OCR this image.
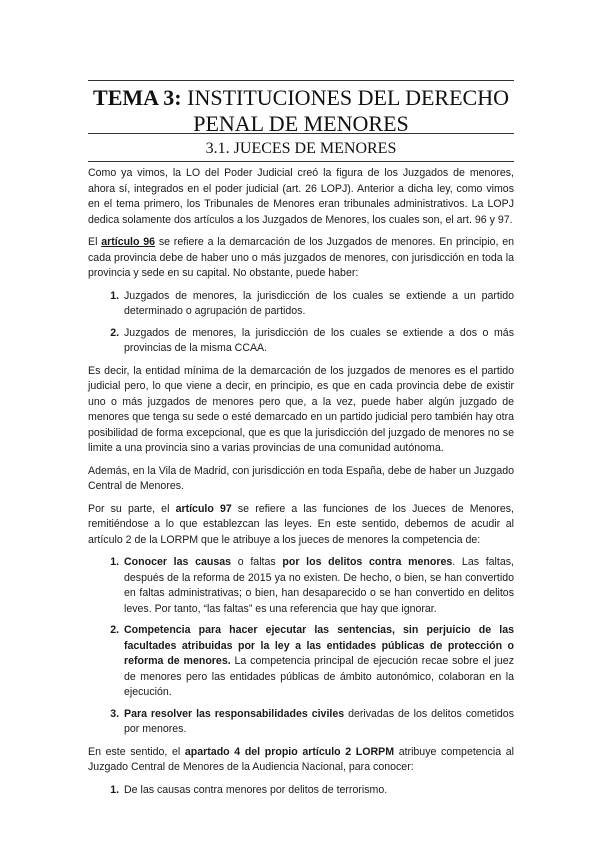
TEMA 3: INSTITUCIONES DEL DERECHO
PENAL DE MENORES
3.1. JUECES DE MENORES

Como ya vimos, la LO del Poder Judicial creó la figura de los Juzgados de menores, ahora sí, integrados en el poder judicial (art. 26 LOPJ). Anterior a dicha ley, como vimos en el tema primero, los Tribunales de Menores eran tribunales administrativos. La LOPJ dedica solamente dos artículos a los Juzgados de Menores, los cuales son, el art. 96 y 97.

El artículo 96 se refiere a la demarcación de los Juzgados de menores. En principio, en cada provincia debe de haber uno o más juzgados de menores, con jurisdicción en toda la provincia y sede en su capital. No obstante, puede haber:

1. Juzgados de menores, la jurisdicción de los cuales se extiende a un partido determinado o agrupación de partidos.
2. Juzgados de menores, la jurisdicción de los cuales se extiende a dos o más provincias de la misma CCAA.

Es decir, la entidad mínima de la demarcación de los juzgados de menores es el partido judicial pero, lo que viene a decir, en principio, es que en cada provincia debe de existir uno o más juzgados de menores pero que, a la vez, puede haber algún juzgado de menores que tenga su sede o esté demarcado en un partido judicial pero también hay otra posibilidad de forma excepcional, que es que la jurisdicción del juzgado de menores no se limite a una provincia sino a varias provincias de una comunidad autónoma.

Además, en la Vila de Madrid, con jurisdicción en toda España, debe de haber un Juzgado Central de Menores.

Por su parte, el artículo 97 se refiere a las funciones de los Jueces de Menores, remitiéndose a lo que establezcan las leyes. En este sentido, debemos de acudir al artículo 2 de la LORPM que le atribuye a los jueces de menores la competencia de:

1. Conocer las causas o faltas por los delitos contra menores. Las faltas, después de la reforma de 2015 ya no existen. De hecho, o bien, se han convertido en faltas administrativas; o bien, han desaparecido o se han convertido en delitos leves. Por tanto, “las faltas” es una referencia que hay que ignorar.
2. Competencia para hacer ejecutar las sentencias, sin perjuicio de las facultades atribuidas por la ley a las entidades públicas de protección o reforma de menores. La competencia principal de ejecución recae sobre el juez de menores pero las entidades públicas de ámbito autonómico, colaboran en la ejecución.
3. Para resolver las responsabilidades civiles derivadas de los delitos cometidos por menores.

En este sentido, el apartado 4 del propio artículo 2 LORPM atribuye competencia al Juzgado Central de Menores de la Audiencia Nacional, para conocer:

1. De las causas contra menores por delitos de terrorismo.
